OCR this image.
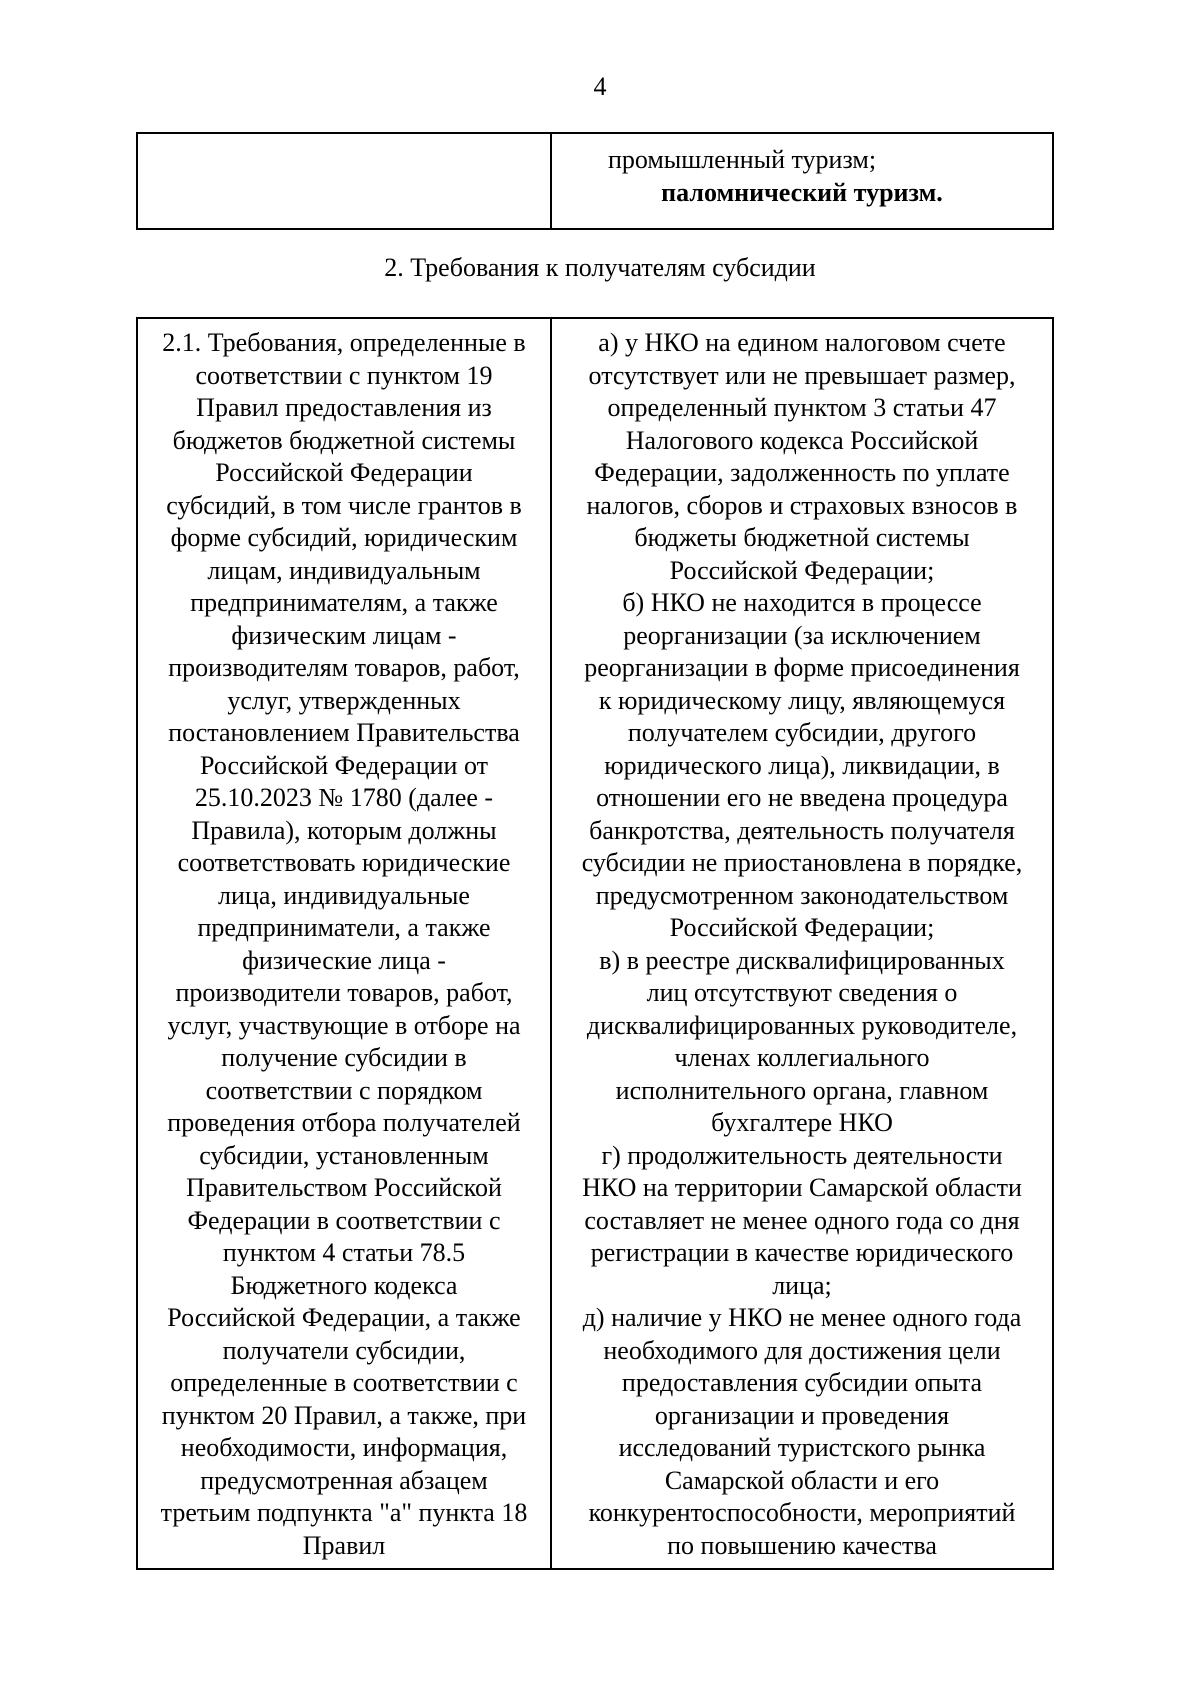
4

промышленный туризм;
паломнический туризм.
2. Требования к получателям субсидии
2.1. Требования, определенные в
соответствии с пунктом 19
Правил предоставления из
бюджетов бюджетной системы
Российской Федерации
субсидий, в том числе грантов в
форме субсидий, юридическим
лицам, индивидуальным
предпринимателям, а также
физическим лицам -
производителям товаров, работ,
услуг, утвержденных
постановлением Правительства
Российской Федерации от
25.10.2023 № 1780 (далее -
Правила), которым должны
соответствовать юридические
лица, индивидуальные
предприниматели, а также
физические лица -
производители товаров, работ,
услуг, участвующие в отборе на
получение субсидии в
соответствии с порядком
проведения отбора получателей
субсидии, установленным
Правительством Российской
Федерации в соответствии с
пунктом 4 статьи 78.5
Бюджетного кодекса
Российской Федерации, а также
получатели субсидии,
определенные в соответствии с
пунктом 20 Правил, а также, при
необходимости, информация,
предусмотренная абзацем
третьим подпункта "а" пункта 18
Правил

а) у НКО на едином налоговом счете
отсутствует или не превышает размер,
определенный пунктом 3 статьи 47
Налогового кодекса Российской
Федерации, задолженность по уплате
налогов, сборов и страховых взносов в
бюджеты бюджетной системы
Российской Федерации;
б) НКО не находится в процессе
реорганизации (за исключением
реорганизации в форме присоединения
к юридическому лицу, являющемуся
получателем субсидии, другого
юридического лица), ликвидации, в
отношении его не введена процедура
банкротства, деятельность получателя
субсидии не приостановлена в порядке,
предусмотренном законодательством
Российской Федерации;
в) в реестре дисквалифицированных
лиц отсутствуют сведения о
дисквалифицированных руководителе,
членах коллегиального
исполнительного органа, главном
бухгалтере НКО
г) продолжительность деятельности
НКО на территории Самарской области
составляет не менее одного года со дня
регистрации в качестве юридического
лица;
д) наличие у НКО не менее одного года
необходимого для достижения цели
предоставления субсидии опыта
организации и проведения
исследований туристского рынка
Самарской области и его
конкурентоспособности, мероприятий
по повышению качества
